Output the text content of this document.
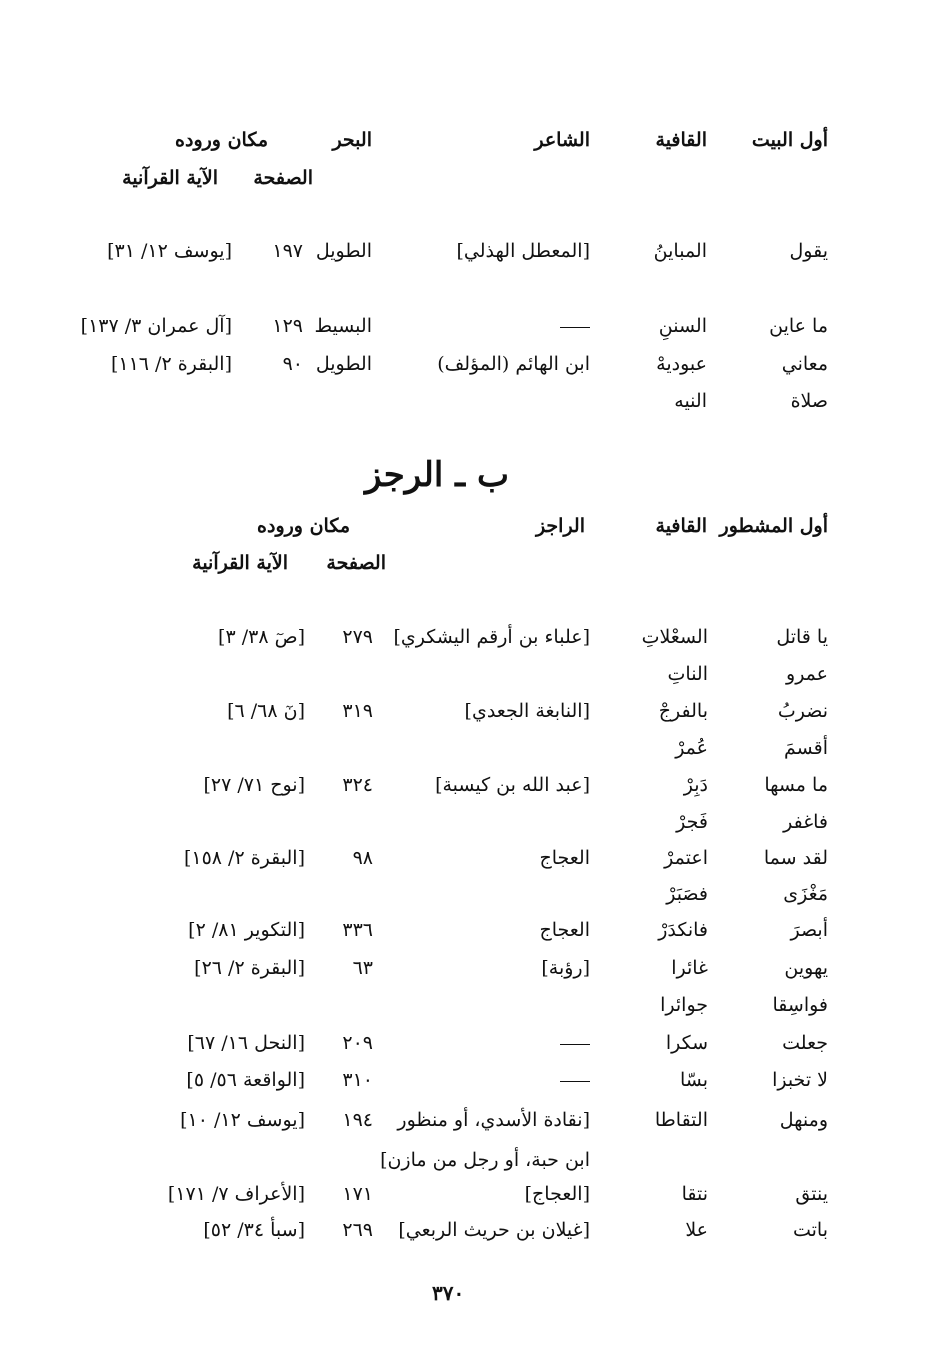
أول البيت
القافية
الشاعر
البحر
مكان وروده
الصفحة
الآية القرآنية
يقول
المباينُ
[المعطل الهذلي]
الطويل
١٩٧
[يوسف ١٢/ ٣١]
ما عاين
السننِ
البسيط
١٢٩
[آل عمران ٣/ ١٣٧]
معاني
عبوديهْ
ابن الهائم (المؤلف)
الطويل
٩٠
[البقرة ٢/ ١١٦]
صلاة
النيه
ب ـ الرجز
أول المشطور
القافية
الراجز
مكان وروده
الصفحة
الآية القرآنية
يا قاتل
السعْلاتِ
[علباء بن أرقم اليشكري]
٢٧٩
[صٓ ٣٨/ ٣]
عمرو
الناتِ
نضربُ
بالفرجْ
[النابغة الجعدي]
٣١٩
[نٓ ٦٨/ ٦]
أقسمَ
عُمرْ
ما مسها
دَبِرْ
[عبد الله بن كيسبة]
٣٢٤
[نوح ٧١/ ٢٧]
فاغفر
فَجرْ
لقد سما
اعتمرْ
العجاج
٩٨
[البقرة ٢/ ١٥٨]
مَغْزَى
فصَبَرْ
أبصرَ
فانكدَرْ
العجاج
٣٣٦
[التكوير ٨١/ ٢]
يهوين
غائرا
[رؤبة]
٦٣
[البقرة ٢/ ٢٦]
فواسِقا
جوائرا
جعلت
سكرا
٢٠٩
[النحل ١٦/ ٦٧]
لا تخبزا
بسّا
٣١٠
[الواقعة ٥٦/ ٥]
ومنهل
التقاطا
[نقادة الأسدي، أو منظور
١٩٤
[يوسف ١٢/ ١٠]
ابن حبة، أو رجل من مازن]
ينتق
نتقا
[العجاج]
١٧١
[الأعراف ٧/ ١٧١]
باتت
علا
[غيلان بن حريث الربعي]
٢٦٩
[سبأ ٣٤/ ٥٢]
٣٧٠
